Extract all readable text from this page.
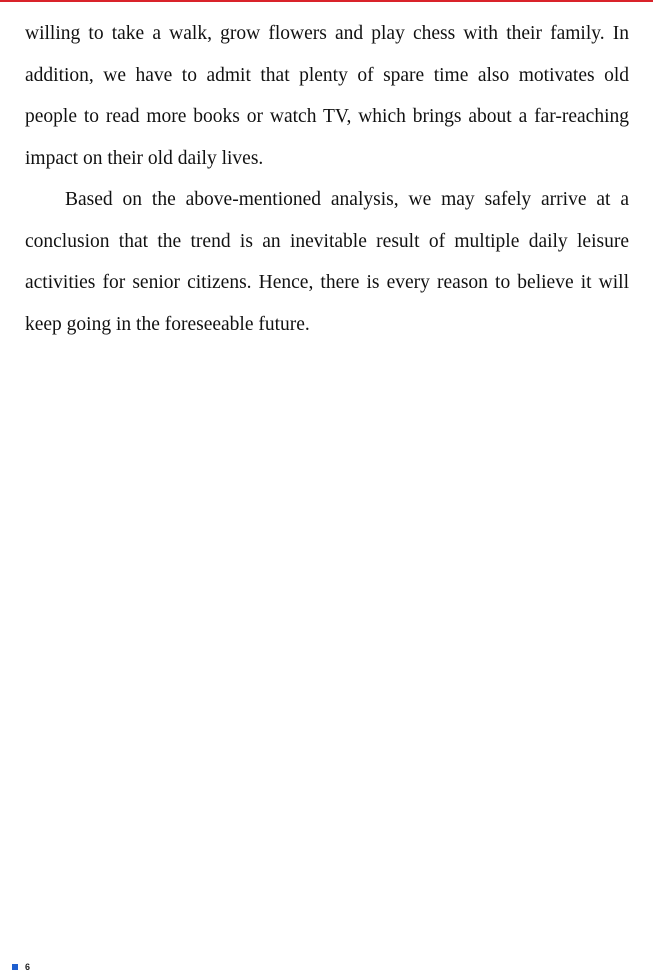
willing to take a walk, grow flowers and play chess with their family. In addition, we have to admit that plenty of spare time also motivates old people to read more books or watch TV, which brings about a far-reaching impact on their old daily lives.

Based on the above-mentioned analysis, we may safely arrive at a conclusion that the trend is an inevitable result of multiple daily leisure activities for senior citizens. Hence, there is every reason to believe it will keep going in the foreseeable future.

6
